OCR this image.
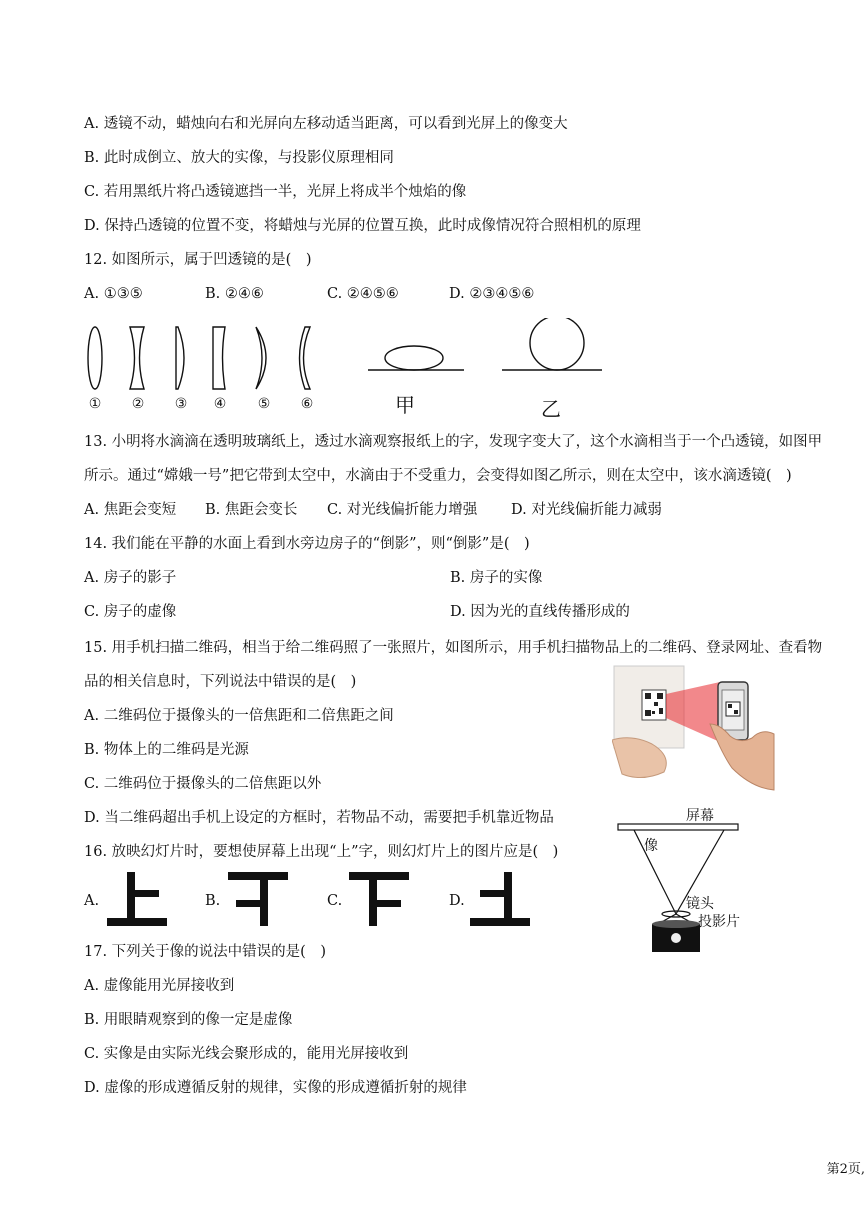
A. 透镜不动，蜡烛向右和光屏向左移动适当距离，可以看到光屏上的像变大
B. 此时成倒立、放大的实像，与投影仪原理相同
C. 若用黑纸片将凸透镜遮挡一半，光屏上将成半个烛焰的像
D. 保持凸透镜的位置不变，将蜡烛与光屏的位置互换，此时成像情况符合照相机的原理
12. 如图所示，属于凹透镜的是(　)
A. ①③⑤	B. ②④⑥	C. ②④⑤⑥	D. ②③④⑤⑥
① ② ③ ④ ⑤ ⑥	甲	乙
13. 小明将水滴滴在透明玻璃纸上，透过水滴观察报纸上的字，发现字变大了，这个水滴相当于一个凸透镜，如图甲
所示。通过“嫦娥一号”把它带到太空中，水滴由于不受重力，会变得如图乙所示，则在太空中，该水滴透镜(　)
A. 焦距会变短 B. 焦距会变长 C. 对光线偏折能力增强 D. 对光线偏折能力减弱
14. 我们能在平静的水面上看到水旁边房子的“倒影”，则“倒影”是(　)
A. 房子的影子	B. 房子的实像
C. 房子的虚像	D. 因为光的直线传播形成的
15. 用手机扫描二维码，相当于给二维码照了一张照片，如图所示，用手机扫描物品上的二维码、登录网址、查看物
品的相关信息时，下列说法中错误的是(　)
A. 二维码位于摄像头的一倍焦距和二倍焦距之间
B. 物体上的二维码是光源
C. 二维码位于摄像头的二倍焦距以外
D. 当二维码超出手机上设定的方框时，若物品不动，需要把手机靠近物品
16. 放映幻灯片时，要想使屏幕上出现“上”字，则幻灯片上的图片应是(　)
A.	B.	C.	D.
屏幕
像
镜头
投影片
17. 下列关于像的说法中错误的是(　)
A. 虚像能用光屏接收到
B. 用眼睛观察到的像一定是虚像
C. 实像是由实际光线会聚形成的，能用光屏接收到
D. 虚像的形成遵循反射的规律，实像的形成遵循折射的规律
第2页,
